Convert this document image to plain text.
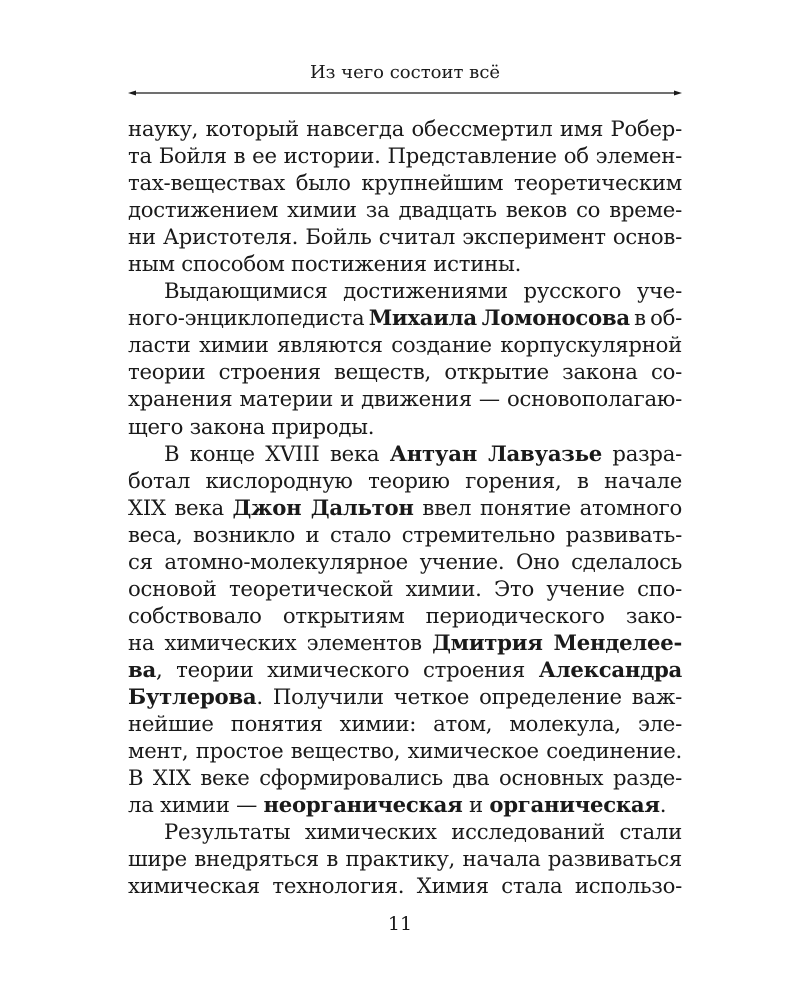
Из чего состоит всё

науку, который навсегда обессмертил имя Робер-
та Бойля в ее истории. Представление об элемен-
тах-веществах было крупнейшим теоретическим
достижением химии за двадцать веков со време-
ни Аристотеля. Бойль считал эксперимент основ-
ным способом постижения истины.

Выдающимися достижениями русского уче-
ного-энциклопедиста Михаила Ломоносова в об-
ласти химии являются создание корпускулярной
теории строения веществ, открытие закона со-
хранения материи и движения — основополагаю-
щего закона природы.

В конце XVIII века Антуан Лавуазье разра-
ботал кислородную теорию горения, в начале
XIX века Джон Дальтон ввел понятие атомного
веса, возникло и стало стремительно развивать-
ся атомно-молекулярное учение. Оно сделалось
основой теоретической химии. Это учение спо-
собствовало открытиям периодического зако-
на химических элементов Дмитрия Менделее-
ва, теории химического строения Александра
Бутлерова. Получили четкое определение важ-
нейшие понятия химии: атом, молекула, эле-
мент, простое вещество, химическое соединение.
В XIX веке сформировались два основных разде-
ла химии — неорганическая и органическая.

Результаты химических исследований стали
шире внедряться в практику, начала развиваться
химическая технология. Химия стала использо-

11
